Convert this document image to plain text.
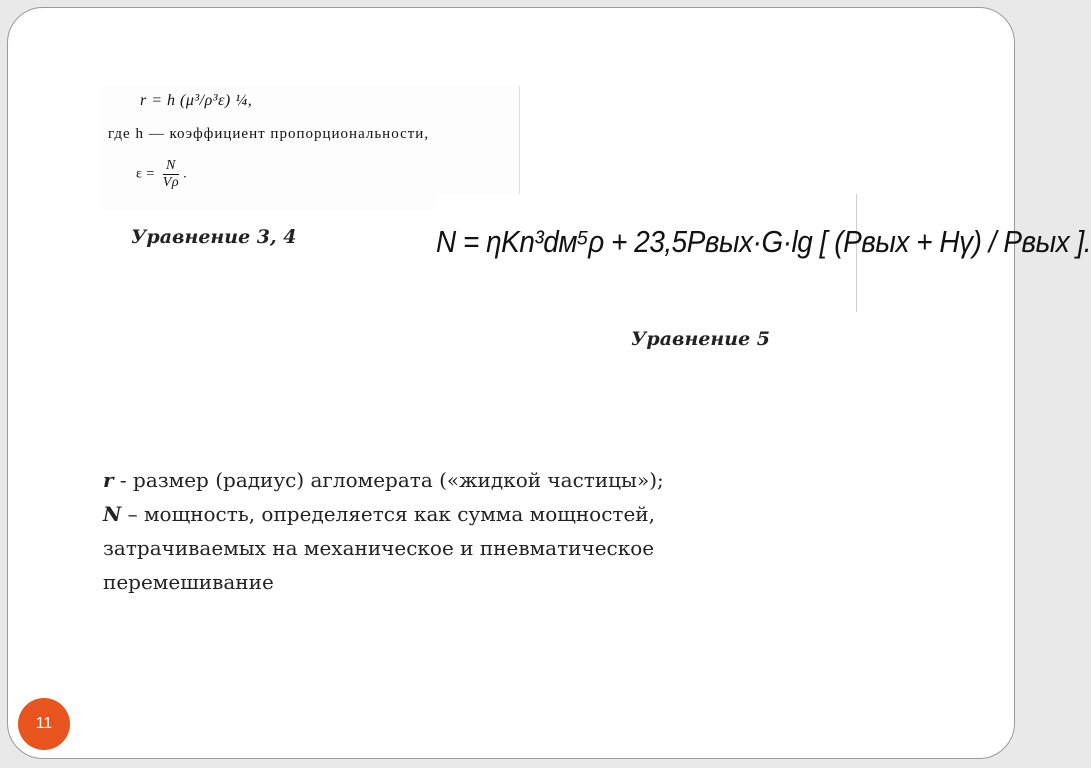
r = h (μ³/ρ³ε) ¼,
где h — коэффициент пропорциональности,
$\varepsilon = \frac{N}{V\rho}$ .
Уравнение 3, 4	N = ηKn³dм⁵ρ + 23,5Pвых·G·lg [ (Pвых + Hγ) / Pвых ].
Уравнение 5
r - размер (радиус) агломерата («жидкой частицы»);
N – мощность, определяется как сумма мощностей, затрачиваемых на механическое и пневматическое перемешивание
11
